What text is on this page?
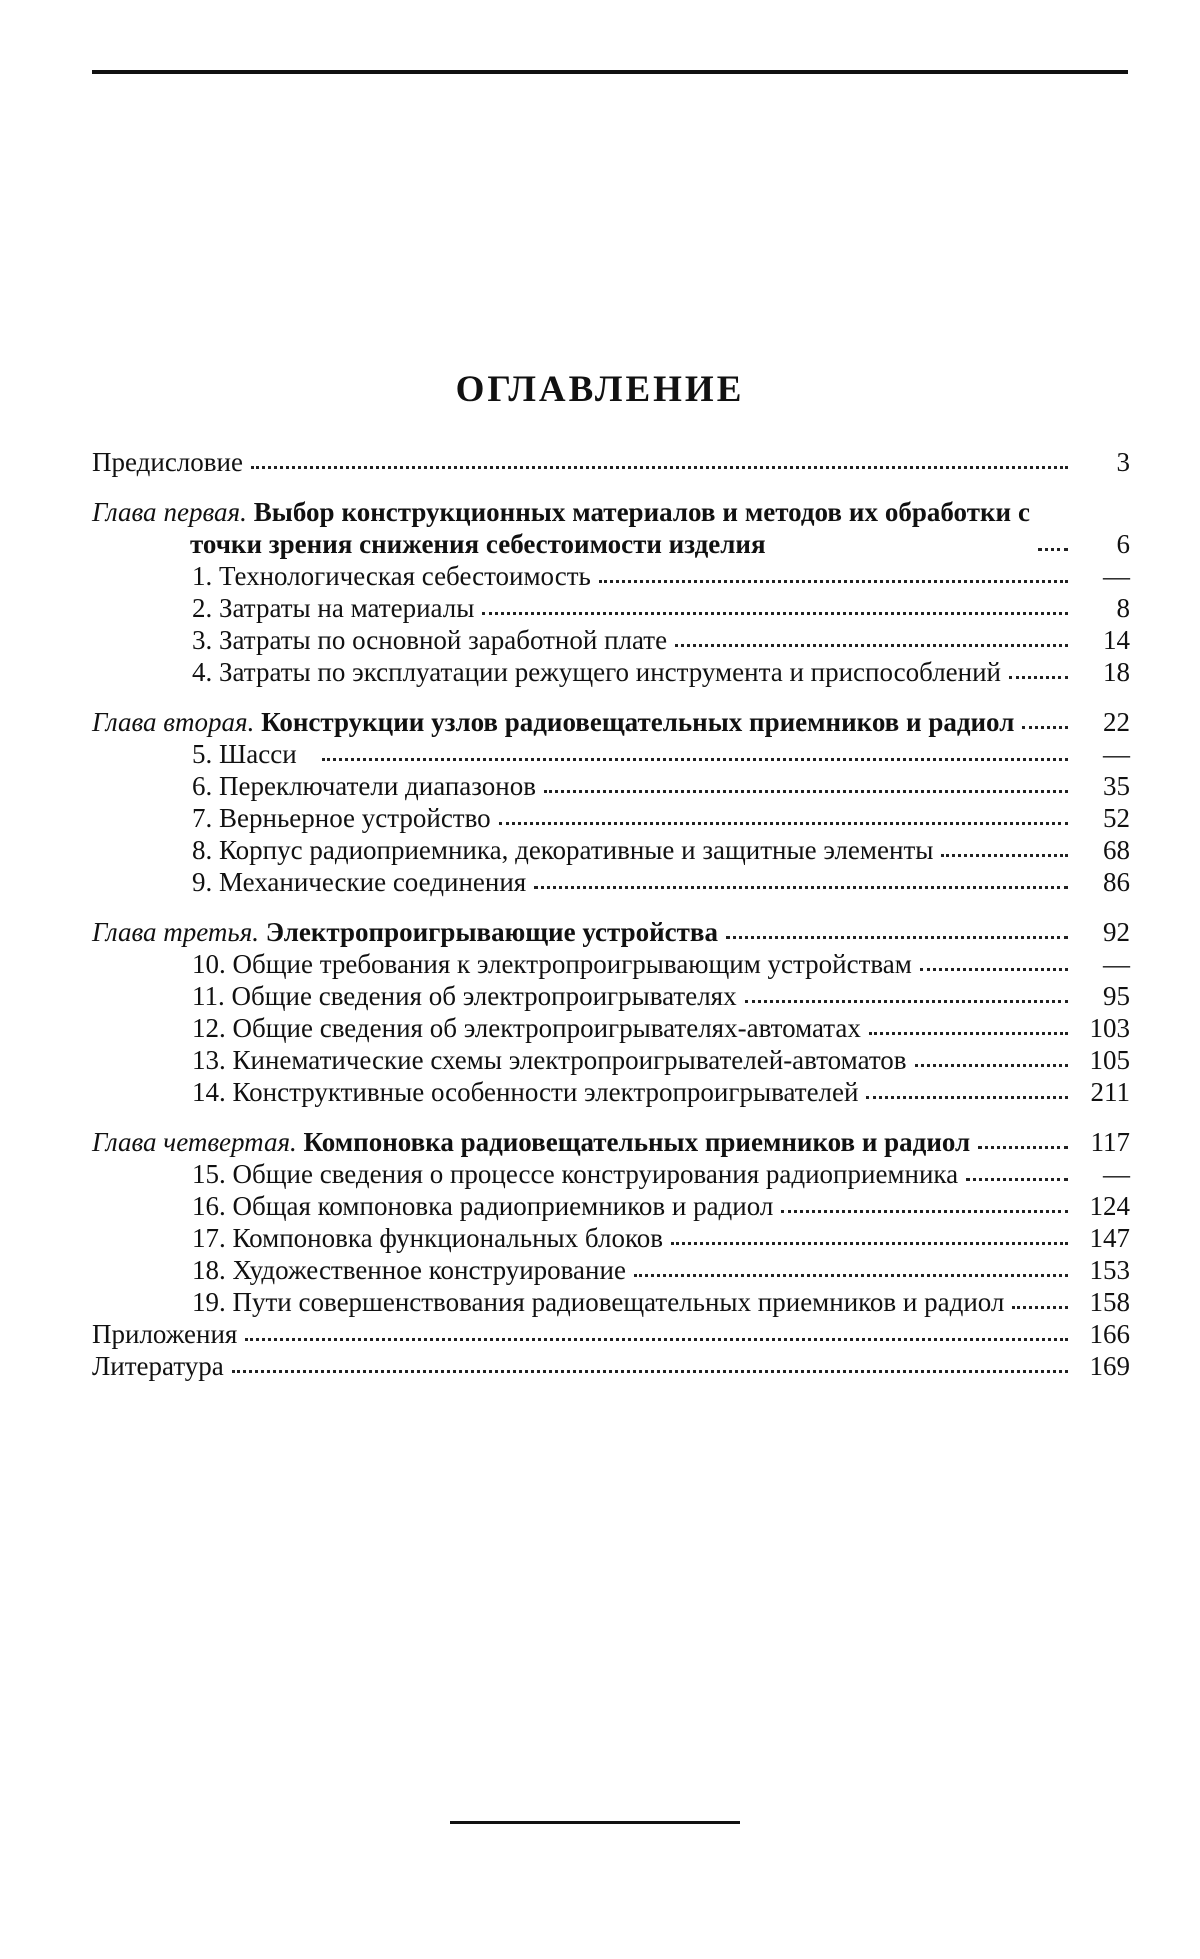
ОГЛАВЛЕНИЕ
Предисловие	3
Глава первая. Выбор конструкционных материалов и методов их обработки с точки зрения снижения себестоимости изделия	6
1. Технологическая себестоимость	—
2. Затраты на материалы	8
3. Затраты по основной заработной плате	14
4. Затраты по эксплуатации режущего инструмента и приспособлений	18
Глава вторая. Конструкции узлов радиовещательных приемников и радиол	22
5. Шасси	—
6. Переключатели диапазонов	35
7. Верньерное устройство	52
8. Корпус радиоприемника, декоративные и защитные элементы	68
9. Механические соединения	86
Глава третья. Электропроигрывающие устройства	92
10. Общие требования к электропроигрывающим устройствам	—
11. Общие сведения об электропроигрывателях	95
12. Общие сведения об электропроигрывателях-автоматах	103
13. Кинематические схемы электропроигрывателей-автоматов	105
14. Конструктивные особенности электропроигрывателей	211
Глава четвертая. Компоновка радиовещательных приемников и радиол	117
15. Общие сведения о процессе конструирования радиоприемника	—
16. Общая компоновка радиоприемников и радиол	124
17. Компоновка функциональных блоков	147
18. Художественное конструирование	153
19. Пути совершенствования радиовещательных приемников и радиол	158
Приложения	166
Литература	169
